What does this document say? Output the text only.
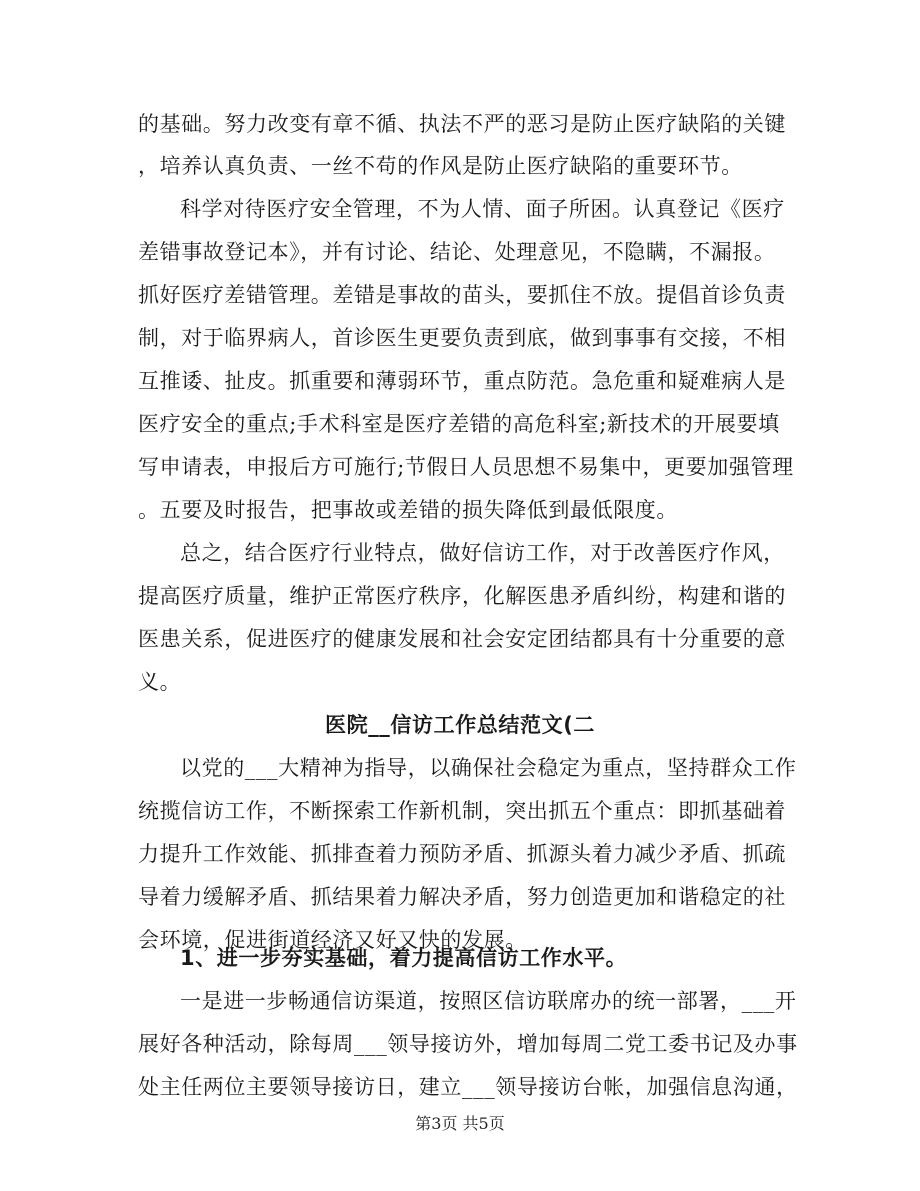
的基础。努力改变有章不循、执法不严的恶习是防止医疗缺陷的关键
，培养认真负责、一丝不苟的作风是防止医疗缺陷的重要环节。
科学对待医疗安全管理，不为人情、面子所困。认真登记《医疗
差错事故登记本》，并有讨论、结论、处理意见，不隐瞒，不漏报。
抓好医疗差错管理。差错是事故的苗头，要抓住不放。提倡首诊负责
制，对于临界病人，首诊医生更要负责到底，做到事事有交接，不相
互推诿、扯皮。抓重要和薄弱环节，重点防范。急危重和疑难病人是
医疗安全的重点;手术科室是医疗差错的高危科室;新技术的开展要填
写申请表，申报后方可施行;节假日人员思想不易集中，更要加强管理
。五要及时报告，把事故或差错的损失降低到最低限度。
总之，结合医疗行业特点，做好信访工作，对于改善医疗作风，
提高医疗质量，维护正常医疗秩序，化解医患矛盾纠纷，构建和谐的
医患关系，促进医疗的健康发展和社会安定团结都具有十分重要的意
义。
医院__信访工作总结范文(二
以党的___大精神为指导，以确保社会稳定为重点，坚持群众工作
统揽信访工作，不断探索工作新机制，突出抓五个重点：即抓基础着
力提升工作效能、抓排查着力预防矛盾、抓源头着力减少矛盾、抓疏
导着力缓解矛盾、抓结果着力解决矛盾，努力创造更加和谐稳定的社
会环境，促进街道经济又好又快的发展。
1、进一步夯实基础，着力提高信访工作水平。
一是进一步畅通信访渠道，按照区信访联席办的统一部署，___开
展好各种活动，除每周___领导接访外，增加每周二党工委书记及办事
第3页 共5页
处主任两位主要领导接访日，建立___领导接访台帐，加强信息沟通，
